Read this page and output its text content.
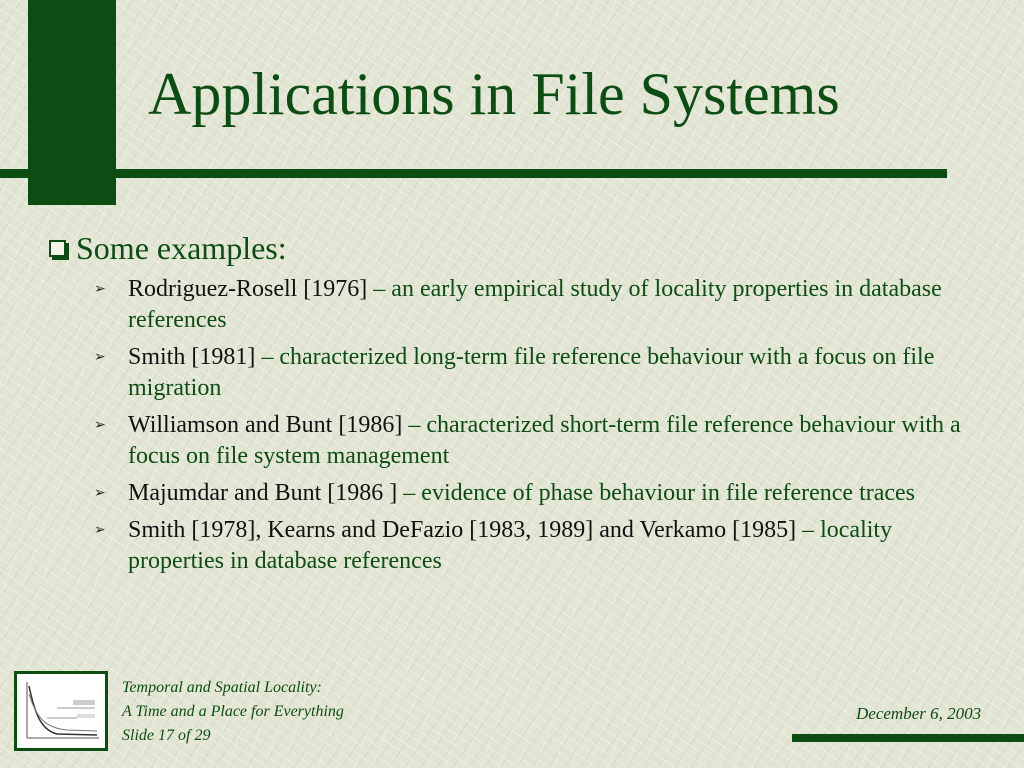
Applications in File Systems
Some examples:
➢ Rodriguez-Rosell [1976] – an early empirical study of locality properties in database references
➢ Smith [1981] – characterized long-term file reference behaviour with a focus on file migration
➢ Williamson and Bunt [1986] – characterized short-term file reference behaviour with a focus on file system management
➢ Majumdar and Bunt [1986 ] – evidence of phase behaviour in file reference traces
➢ Smith [1978], Kearns and DeFazio [1983, 1989] and Verkamo [1985] – locality properties in database references
Temporal and Spatial Locality:
A Time and a Place for Everything
Slide 17 of 29
December 6, 2003
